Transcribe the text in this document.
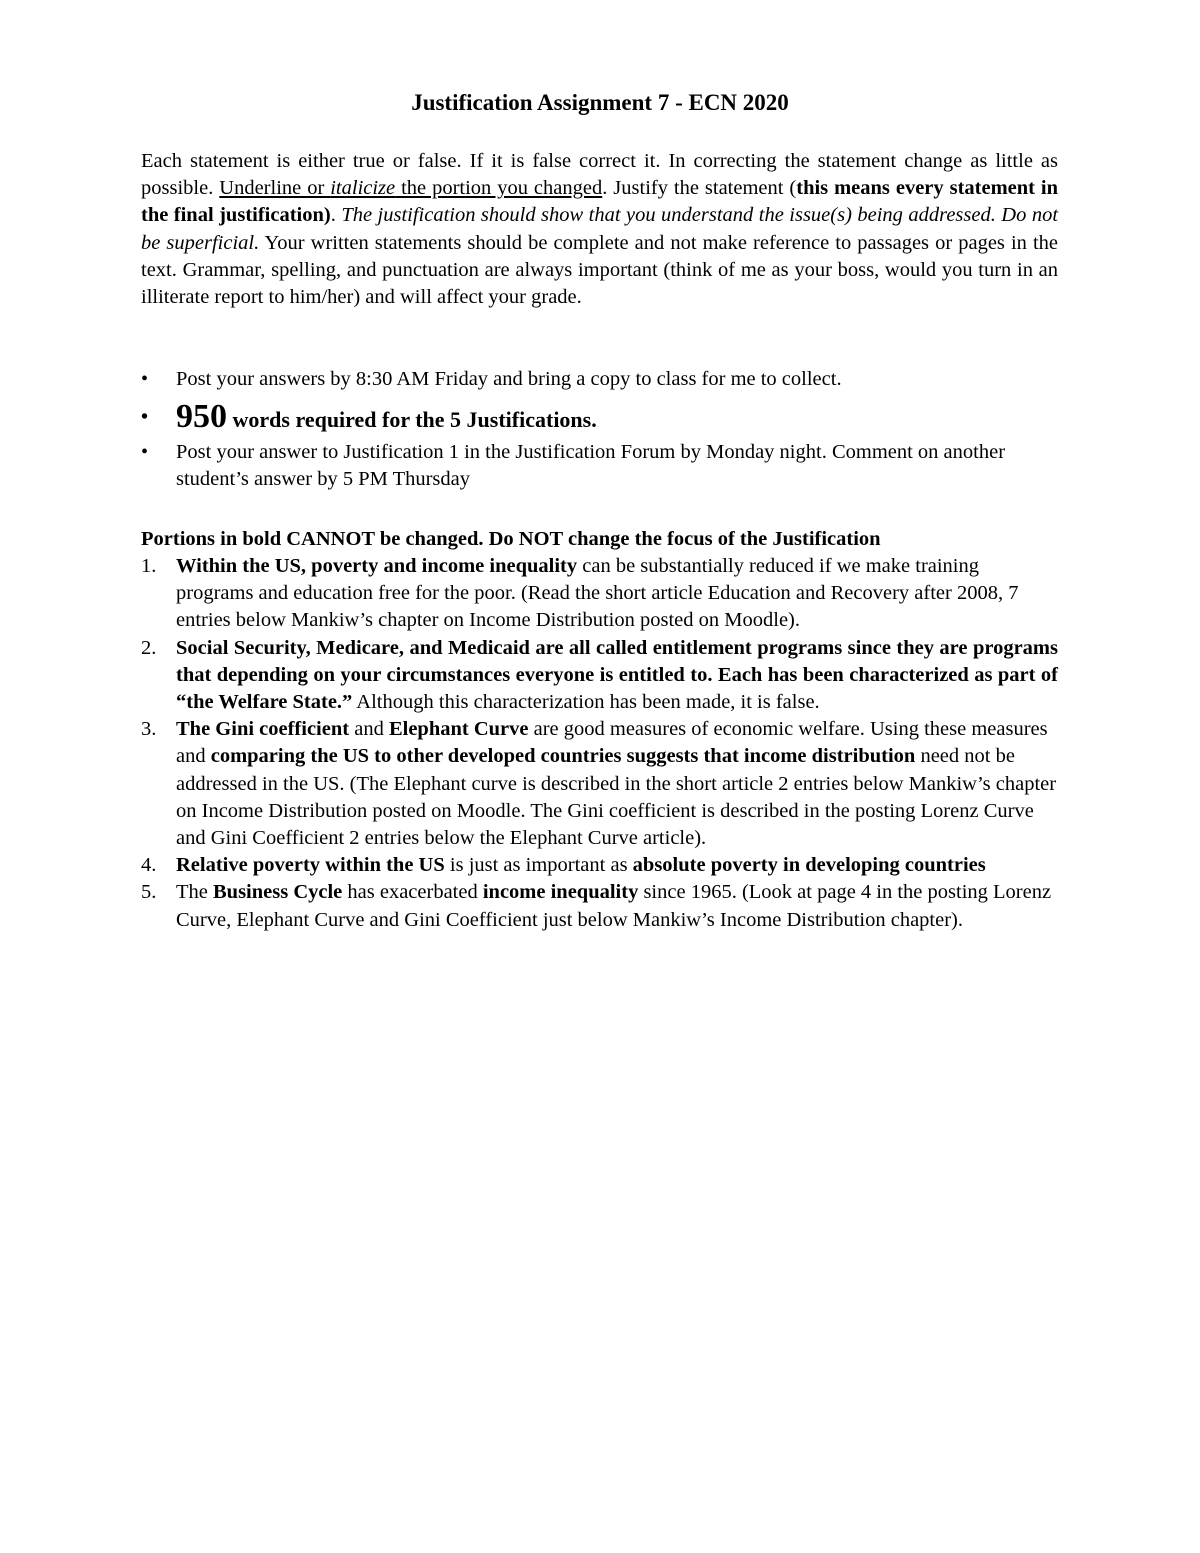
Justification Assignment 7 - ECN 2020

Each statement is either true or false. If it is false correct it. In correcting the statement change as little as possible. Underline or italicize the portion you changed. Justify the statement (this means every statement in the final justification). The justification should show that you understand the issue(s) being addressed. Do not be superficial. Your written statements should be complete and not make reference to passages or pages in the text. Grammar, spelling, and punctuation are always important (think of me as your boss, would you turn in an illiterate report to him/her) and will affect your grade.

• Post your answers by 8:30 AM Friday and bring a copy to class for me to collect.
• 950 words required for the 5 Justifications.
• Post your answer to Justification 1 in the Justification Forum by Monday night. Comment on another student’s answer by 5 PM Thursday

Portions in bold CANNOT be changed. Do NOT change the focus of the Justification

1. Within the US, poverty and income inequality can be substantially reduced if we make training programs and education free for the poor. (Read the short article Education and Recovery after 2008, 7 entries below Mankiw’s chapter on Income Distribution posted on Moodle).
2. Social Security, Medicare, and Medicaid are all called entitlement programs since they are programs that depending on your circumstances everyone is entitled to. Each has been characterized as part of “the Welfare State.” Although this characterization has been made, it is false.
3. The Gini coefficient and Elephant Curve are good measures of economic welfare. Using these measures and comparing the US to other developed countries suggests that income distribution need not be addressed in the US. (The Elephant curve is described in the short article 2 entries below Mankiw’s chapter on Income Distribution posted on Moodle. The Gini coefficient is described in the posting Lorenz Curve and Gini Coefficient 2 entries below the Elephant Curve article).
4. Relative poverty within the US is just as important as absolute poverty in developing countries
5. The Business Cycle has exacerbated income inequality since 1965. (Look at page 4 in the posting Lorenz Curve, Elephant Curve and Gini Coefficient just below Mankiw’s Income Distribution chapter).
